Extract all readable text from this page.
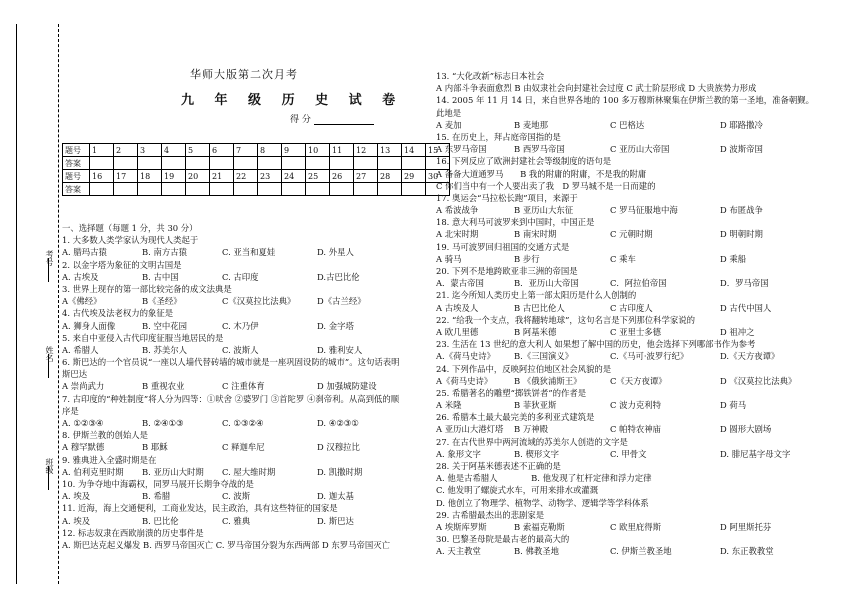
考号
姓名
班级
华师大版第二次月考
九 年 级 历 史 试 卷
得 分
题号	1	2	3	4	5	6	7	8	9	10	11	12	13	14	15
答案															
题号	16	17	18	19	20	21	22	23	24	25	26	27	28	29	30
答案															
一、选择题（每题 1 分，共 30 分）
1. 大多数人类学家认为现代人类起于
A. 腊玛古猿	B. 南方古猿	C. 亚当和夏娃	D. 外星人
2. 以金字塔为象征的文明古国是
A. 古埃及	B. 古中国	C. 古印度	D.古巴比伦
3. 世界上现存的第一部比较完备的成文法典是
A《佛经》	B《圣经》	C《汉莫拉比法典》	D《古兰经》
4. 古代埃及法老权力的象征是
A. 狮身人面像	B. 空中花园	C. 木乃伊	D. 金字塔
5. 来自中亚侵入古代印度征服当地居民的是
A. 希腊人	B. 苏美尔人	C. 波斯人	D. 雅利安人
6. 斯巴达的一个官员说“一座以人墙代替砖墙的城市就是一座巩固设防的城市”。这句话表明
斯巴达
A 崇尚武力	B 重视农业	C 注重体育	D 加强城防建设
7. 古印度的“种姓制度”将人分为四等：①吠舍 ②婆罗门 ③首陀罗 ④刹帝利。从高到低的顺
序是
A. ①②③④	B. ②④①③	C. ①③②④	D. ④②③①
8. 伊斯兰教的创始人是
A 穆罕默德	B 耶稣	C 释迦牟尼	D 汉穆拉比
9. 雅典进入全盛时期是在
A. 伯利克里时期 B. 亚历山大时期 C. 屋大维时期	D. 凯撒时期
10. 为争夺地中海霸权，同罗马展开长期争夺战的是
A. 埃及	B. 希腊	C. 波斯	D. 迦太基
11. 近海，海上交通便利，工商业发达，民主政治，具有这些特征的国家是
A. 埃及	B. 巴比伦	C. 雅典	D. 斯巴达
12. 标志奴隶在西欧崩溃的历史事件是
A. 斯巴达克起义爆发 B. 西罗马帝国灭亡 C. 罗马帝国分裂为东西两部 D 东罗马帝国灭亡
13. “大化改新”标志日本社会
A 内部斗争表面愈烈 B 由奴隶社会向封建社会过度 C 武士阶层形成 D 大贵族势力形成
14. 2005 年 11 月 14 日，来自世界各地的 100 多万穆斯林聚集在伊斯兰教的第一圣地，准备朝觐。
此地是
A 麦加	B 麦地那	C 巴格达	D 耶路撒冷
15. 在历史上，拜占庭帝国指的是
A 东罗马帝国	B 西罗马帝国	C 亚历山大帝国	D 波斯帝国
16. 下列反应了欧洲封建社会等级制度的语句是
A 备备大道通罗马　　B 我的附庸的附庸，不是我的附庸
C 你们当中有一个人要出卖了我　D 罗马城不是一日而建的
17. 奥运会“马拉松长跑”项目，来源于
A 希波战争	B 亚历山大东征	C 罗马征服地中海	D 布匿战争
18. 意大利马可波罗来到中国时，中国正是
A 北宋时期	B 南宋时期	C 元朝时期	D 明朝时期
19. 马可波罗回归祖国的交通方式是
A 骑马	B 步行	C 乘车	D 乘船
20. 下列不是地跨欧亚非三洲的帝国是
A．蒙古帝国	B．亚历山大帝国	C．阿拉伯帝国	D．罗马帝国
21. 迄今所知人类历史上第一部太阳历是什么人创制的
A 古埃及人	B 古巴比伦人	C 古印度人	D 古代中国人
22. “给我一个支点，我将翻转地球”，这句名言是下列那位科学家说的
A 欧几里德	B 阿基米德	C 亚里士多德	D 祖冲之
23. 生活在 13 世纪的意大利人 如果想了解中国的历史，他会选择下列哪部书作为参考
A.《荷马史诗》 B.《三国演义》	C.《马可·波罗行纪》	D.《天方夜谭》
24. 下列作品中，反映阿拉伯地区社会风貌的是
A《荷马史诗》	B 《俄狄浦斯王》	C《天方夜谭》	D 《汉莫拉比法典》
25. 希腊著名的雕塑“掷铁饼者”的作者是
A 米隆	B 菲狄亚斯	C 波力克利特	D 荷马
26. 希腊本土最大最完美的多利亚式建筑是
A 亚历山大港灯塔 B 万神殿	C 帕特农神庙	D 圆形大剧场
27. 在古代世界中两河流域的苏美尔人创造的文字是
A. 象形文字	B. 楔形文字	C. 甲骨文	D. 腓尼基字母文字
28. 关于阿基米德表述不正确的是
A. 他是古希腊人　　　　B. 他发现了杠杆定律和浮力定律
C. 他发明了螺旋式水车，可用来排水或灌溉
D. 他创立了物理学、植物学、动物学、逻辑学等学科体系
29. 古希腊最杰出的悲剧家是
A 埃斯库罗斯	B 索福克勒斯	C 欧里庇得斯	D 阿里斯托芬
30. 巴黎圣母院是最古老的最高大的
A. 天主教堂	B. 佛教圣地	C. 伊斯兰教圣地	D. 东正教教堂
